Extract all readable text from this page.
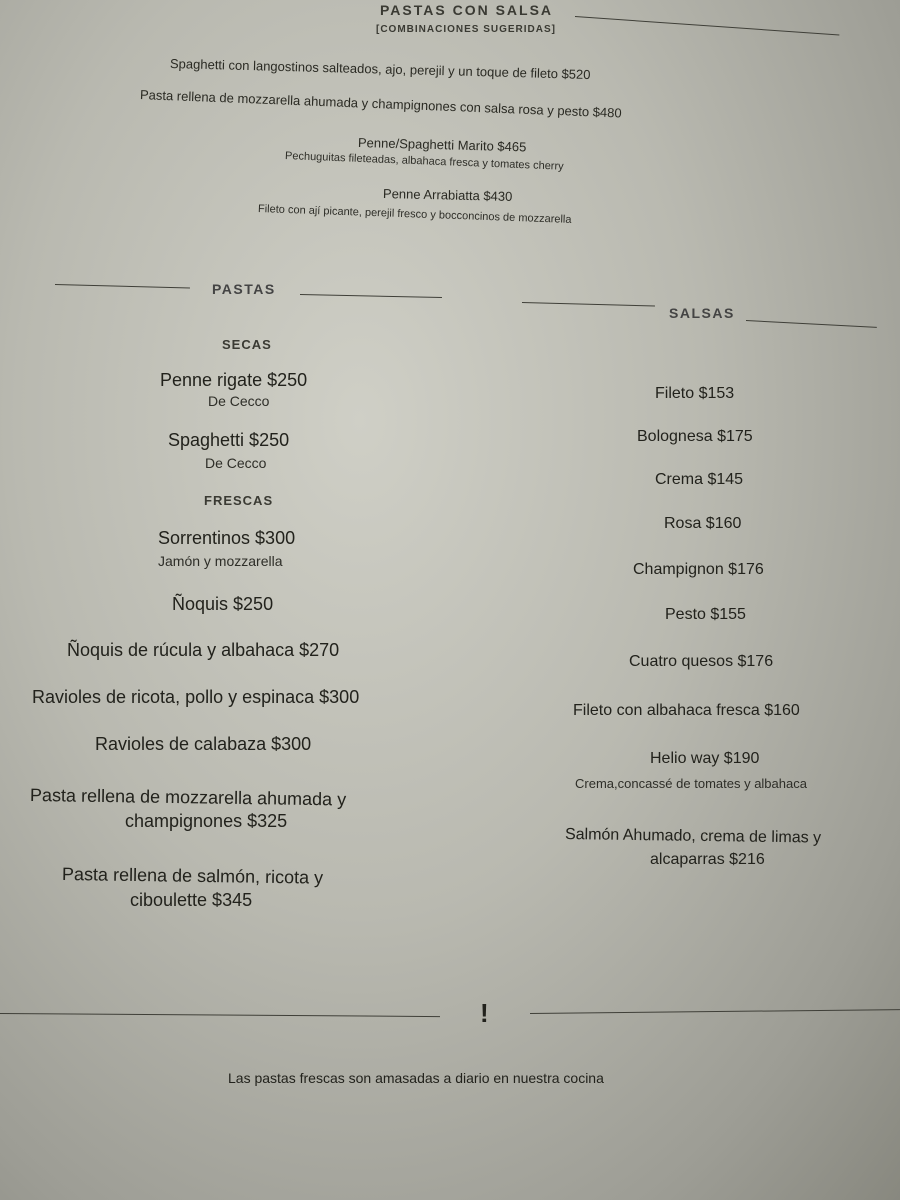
PASTAS CON SALSA
[COMBINACIONES SUGERIDAS]
Spaghetti con langostinos salteados, ajo, perejil y un toque de fileto $520
Pasta rellena de mozzarella ahumada y champignones con salsa rosa y pesto $480
Penne/Spaghetti Marito $465
Pechuguitas fileteadas, albahaca fresca y tomates cherry
Penne Arrabiatta $430
Fileto con ají picante, perejil fresco y bocconcinos de mozzarella
PASTAS
SALSAS
SECAS
Penne rigate $250
De Cecco
Spaghetti $250
De Cecco
FRESCAS
Sorrentinos $300
Jamón y mozzarella
Ñoquis $250
Ñoquis de rúcula y albahaca $270
Ravioles de ricota, pollo y espinaca $300
Ravioles de calabaza $300
Pasta rellena de mozzarella ahumada y
champignones $325
Pasta rellena de salmón, ricota y
ciboulette $345
Fileto $153
Bolognesa $175
Crema $145
Rosa $160
Champignon $176
Pesto $155
Cuatro quesos $176
Fileto con albahaca fresca $160
Helio way $190
Crema,concassé de tomates y albahaca
Salmón Ahumado, crema de limas y
alcaparras $216
!
Las pastas frescas son amasadas a diario en nuestra cocina
